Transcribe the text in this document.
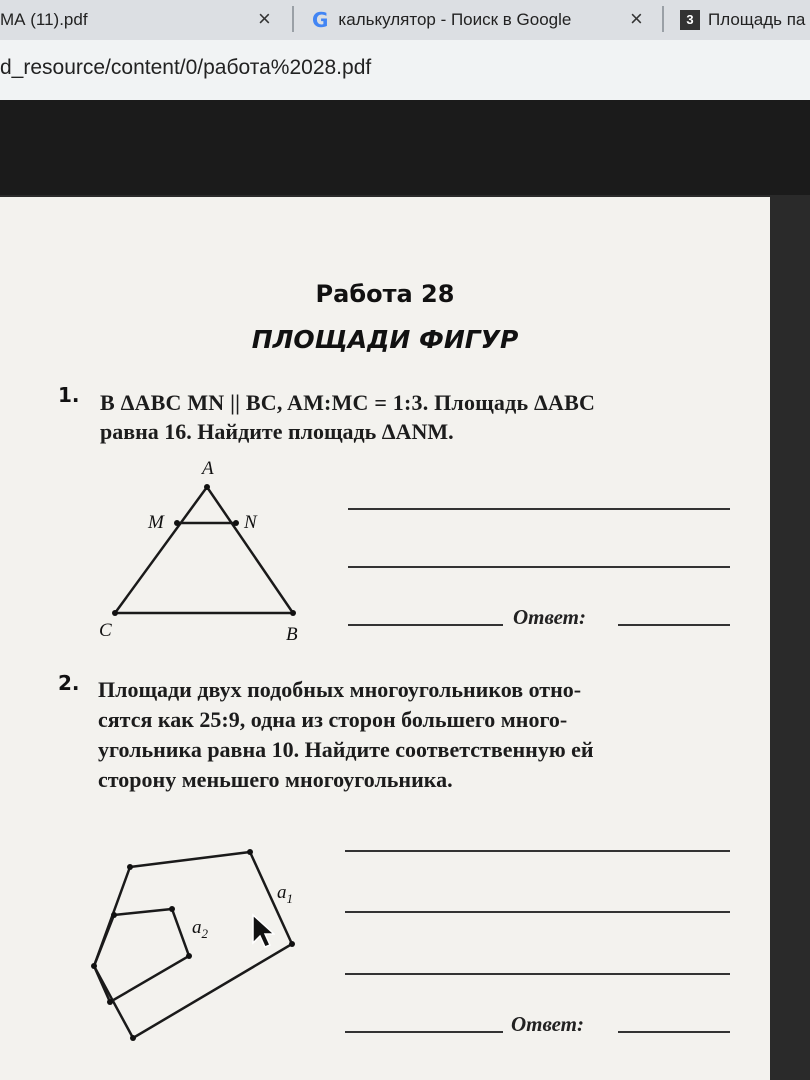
МА (11).pdf	× G калькулятор - Поиск в Google	×	3 Площадь па
d_resource/content/0/работа%2028.pdf
Работа 28
ПЛОЩАДИ ФИГУР
1. В ΔABC MN || BC, AM:MC = 1:3. Площадь ΔABC
равна 16. Найдите площадь ΔANM.
Ответ:
2. Площади двух подобных многоугольников отно-
сятся как 25:9, одна из сторон большего много-
угольника равна 10. Найдите соответственную ей
сторону меньшего многоугольника.
Ответ:
A
M	N
C	B
$a_1$
$a_2$
